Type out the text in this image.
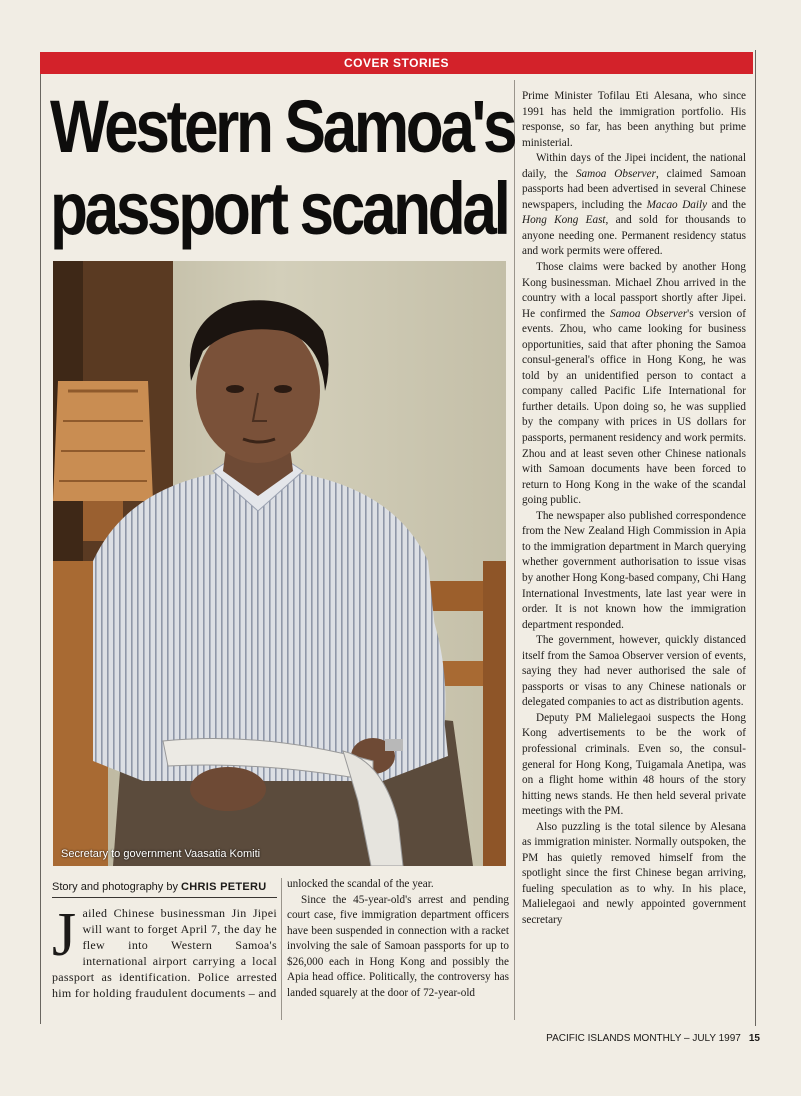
COVER STORIES
Western Samoa's
passport scandal
Secretary to government Vaasatia Komiti
Story and photography by CHRIS PETERU

Jailed Chinese businessman Jin Jipei will want to forget April 7, the day he flew into Western Samoa's international airport carrying a local passport as identification. Police arrested him for holding fraudulent documents – and

unlocked the scandal of the year.

Since the 45-year-old's arrest and pending court case, five immigration department officers have been suspended in connection with a racket involving the sale of Samoan passports for up to $26,000 each in Hong Kong and possibly the Apia head office. Politically, the controversy has landed squarely at the door of 72-year-old

Prime Minister Tofilau Eti Alesana, who since 1991 has held the immigration portfolio. His response, so far, has been anything but prime ministerial.

Within days of the Jipei incident, the national daily, the Samoa Observer, claimed Samoan passports had been advertised in several Chinese newspapers, including the Macao Daily and the Hong Kong East, and sold for thousands to anyone needing one. Permanent residency status and work permits were offered.

Those claims were backed by another Hong Kong businessman. Michael Zhou arrived in the country with a local passport shortly after Jipei. He confirmed the Samoa Observer's version of events. Zhou, who came looking for business opportunities, said that after phoning the Samoa consul-general's office in Hong Kong, he was told by an unidentified person to contact a company called Pacific Life International for further details. Upon doing so, he was supplied by the company with prices in US dollars for passports, permanent residency and work permits. Zhou and at least seven other Chinese nationals with Samoan documents have been forced to return to Hong Kong in the wake of the scandal going public.

The newspaper also published correspondence from the New Zealand High Commission in Apia to the immigration department in March querying whether government authorisation to issue visas by another Hong Kong-based company, Chi Hang International Investments, late last year were in order. It is not known how the immigration department responded.

The government, however, quickly distanced itself from the Samoa Observer version of events, saying they had never authorised the sale of passports or visas to any Chinese nationals or delegated companies to act as distribution agents.

Deputy PM Malielegaoi suspects the Hong Kong advertisements to be the work of professional criminals. Even so, the consul-general for Hong Kong, Tuigamala Anetipa, was on a flight home within 48 hours of the story hitting news stands. He then held several private meetings with the PM.

Also puzzling is the total silence by Alesana as immigration minister. Normally outspoken, the PM has quietly removed himself from the spotlight since the first Chinese began arriving, fueling speculation as to why. In his place, Malielegaoi and newly appointed government secretary

PACIFIC ISLANDS MONTHLY – JULY 1997 15
